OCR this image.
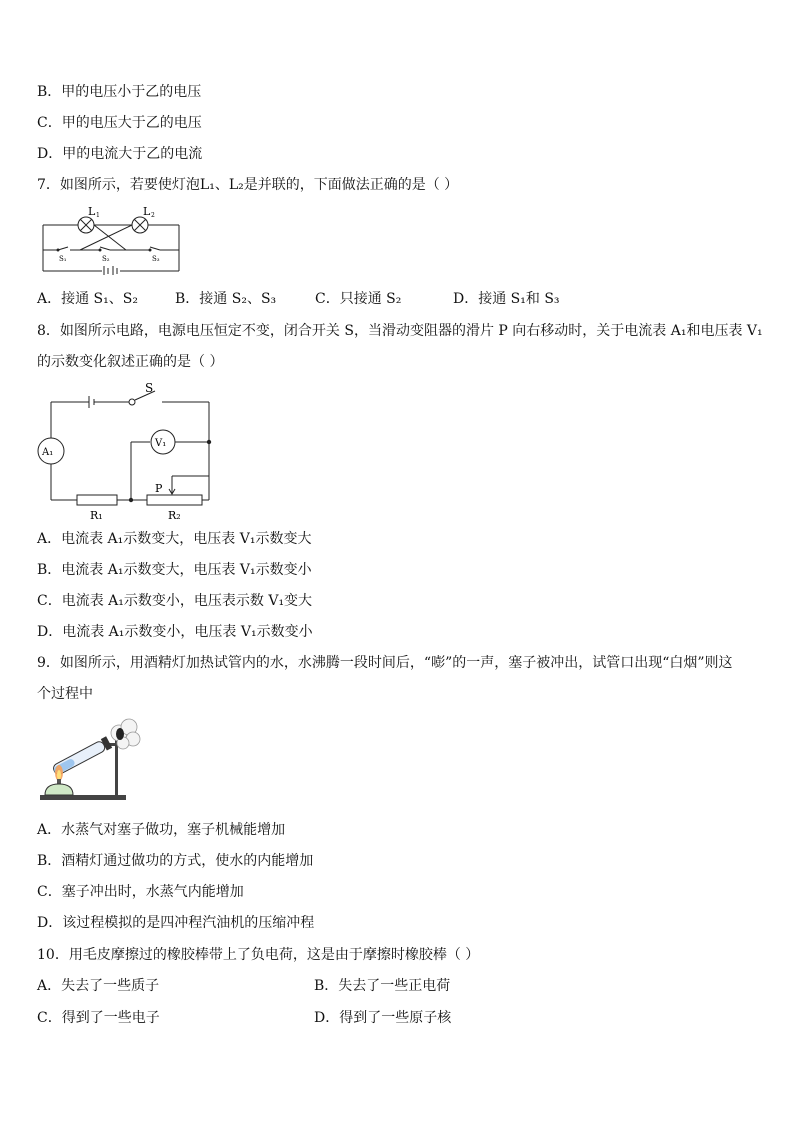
B．甲的电压小于乙的电压
C．甲的电压大于乙的电压
D．甲的电流大于乙的电流
7．如图所示，若要使灯泡L₁、L₂是并联的，下面做法正确的是（ ）
L 1	L 2
S₁	S₂	S₃
A．接通 S₁、S₂	B．接通 S₂、S₃	C．只接通 S₂	D．接通 S₁和 S₃
8．如图所示电路，电源电压恒定不变，闭合开关 S，当滑动变阻器的滑片 P 向右移动时，关于电流表 A₁和电压表 V₁
的示数变化叙述正确的是（ ）
S
A₁
V₁
P
R₁	R₂
A．电流表 A₁示数变大，电压表 V₁示数变大
B．电流表 A₁示数变大，电压表 V₁示数变小
C．电流表 A₁示数变小，电压表示数 V₁变大
D．电流表 A₁示数变小，电压表 V₁示数变小
9．如图所示，用酒精灯加热试管内的水，水沸腾一段时间后，“嘭”的一声，塞子被冲出，试管口出现“白烟”则这
个过程中
A．水蒸气对塞子做功，塞子机械能增加
B．酒精灯通过做功的方式，使水的内能增加
C．塞子冲出时，水蒸气内能增加
D．该过程模拟的是四冲程汽油机的压缩冲程
10．用毛皮摩擦过的橡胶棒带上了负电荷，这是由于摩擦时橡胶棒（ ）
A．失去了一些质子	B．失去了一些正电荷
C．得到了一些电子	D．得到了一些原子核
